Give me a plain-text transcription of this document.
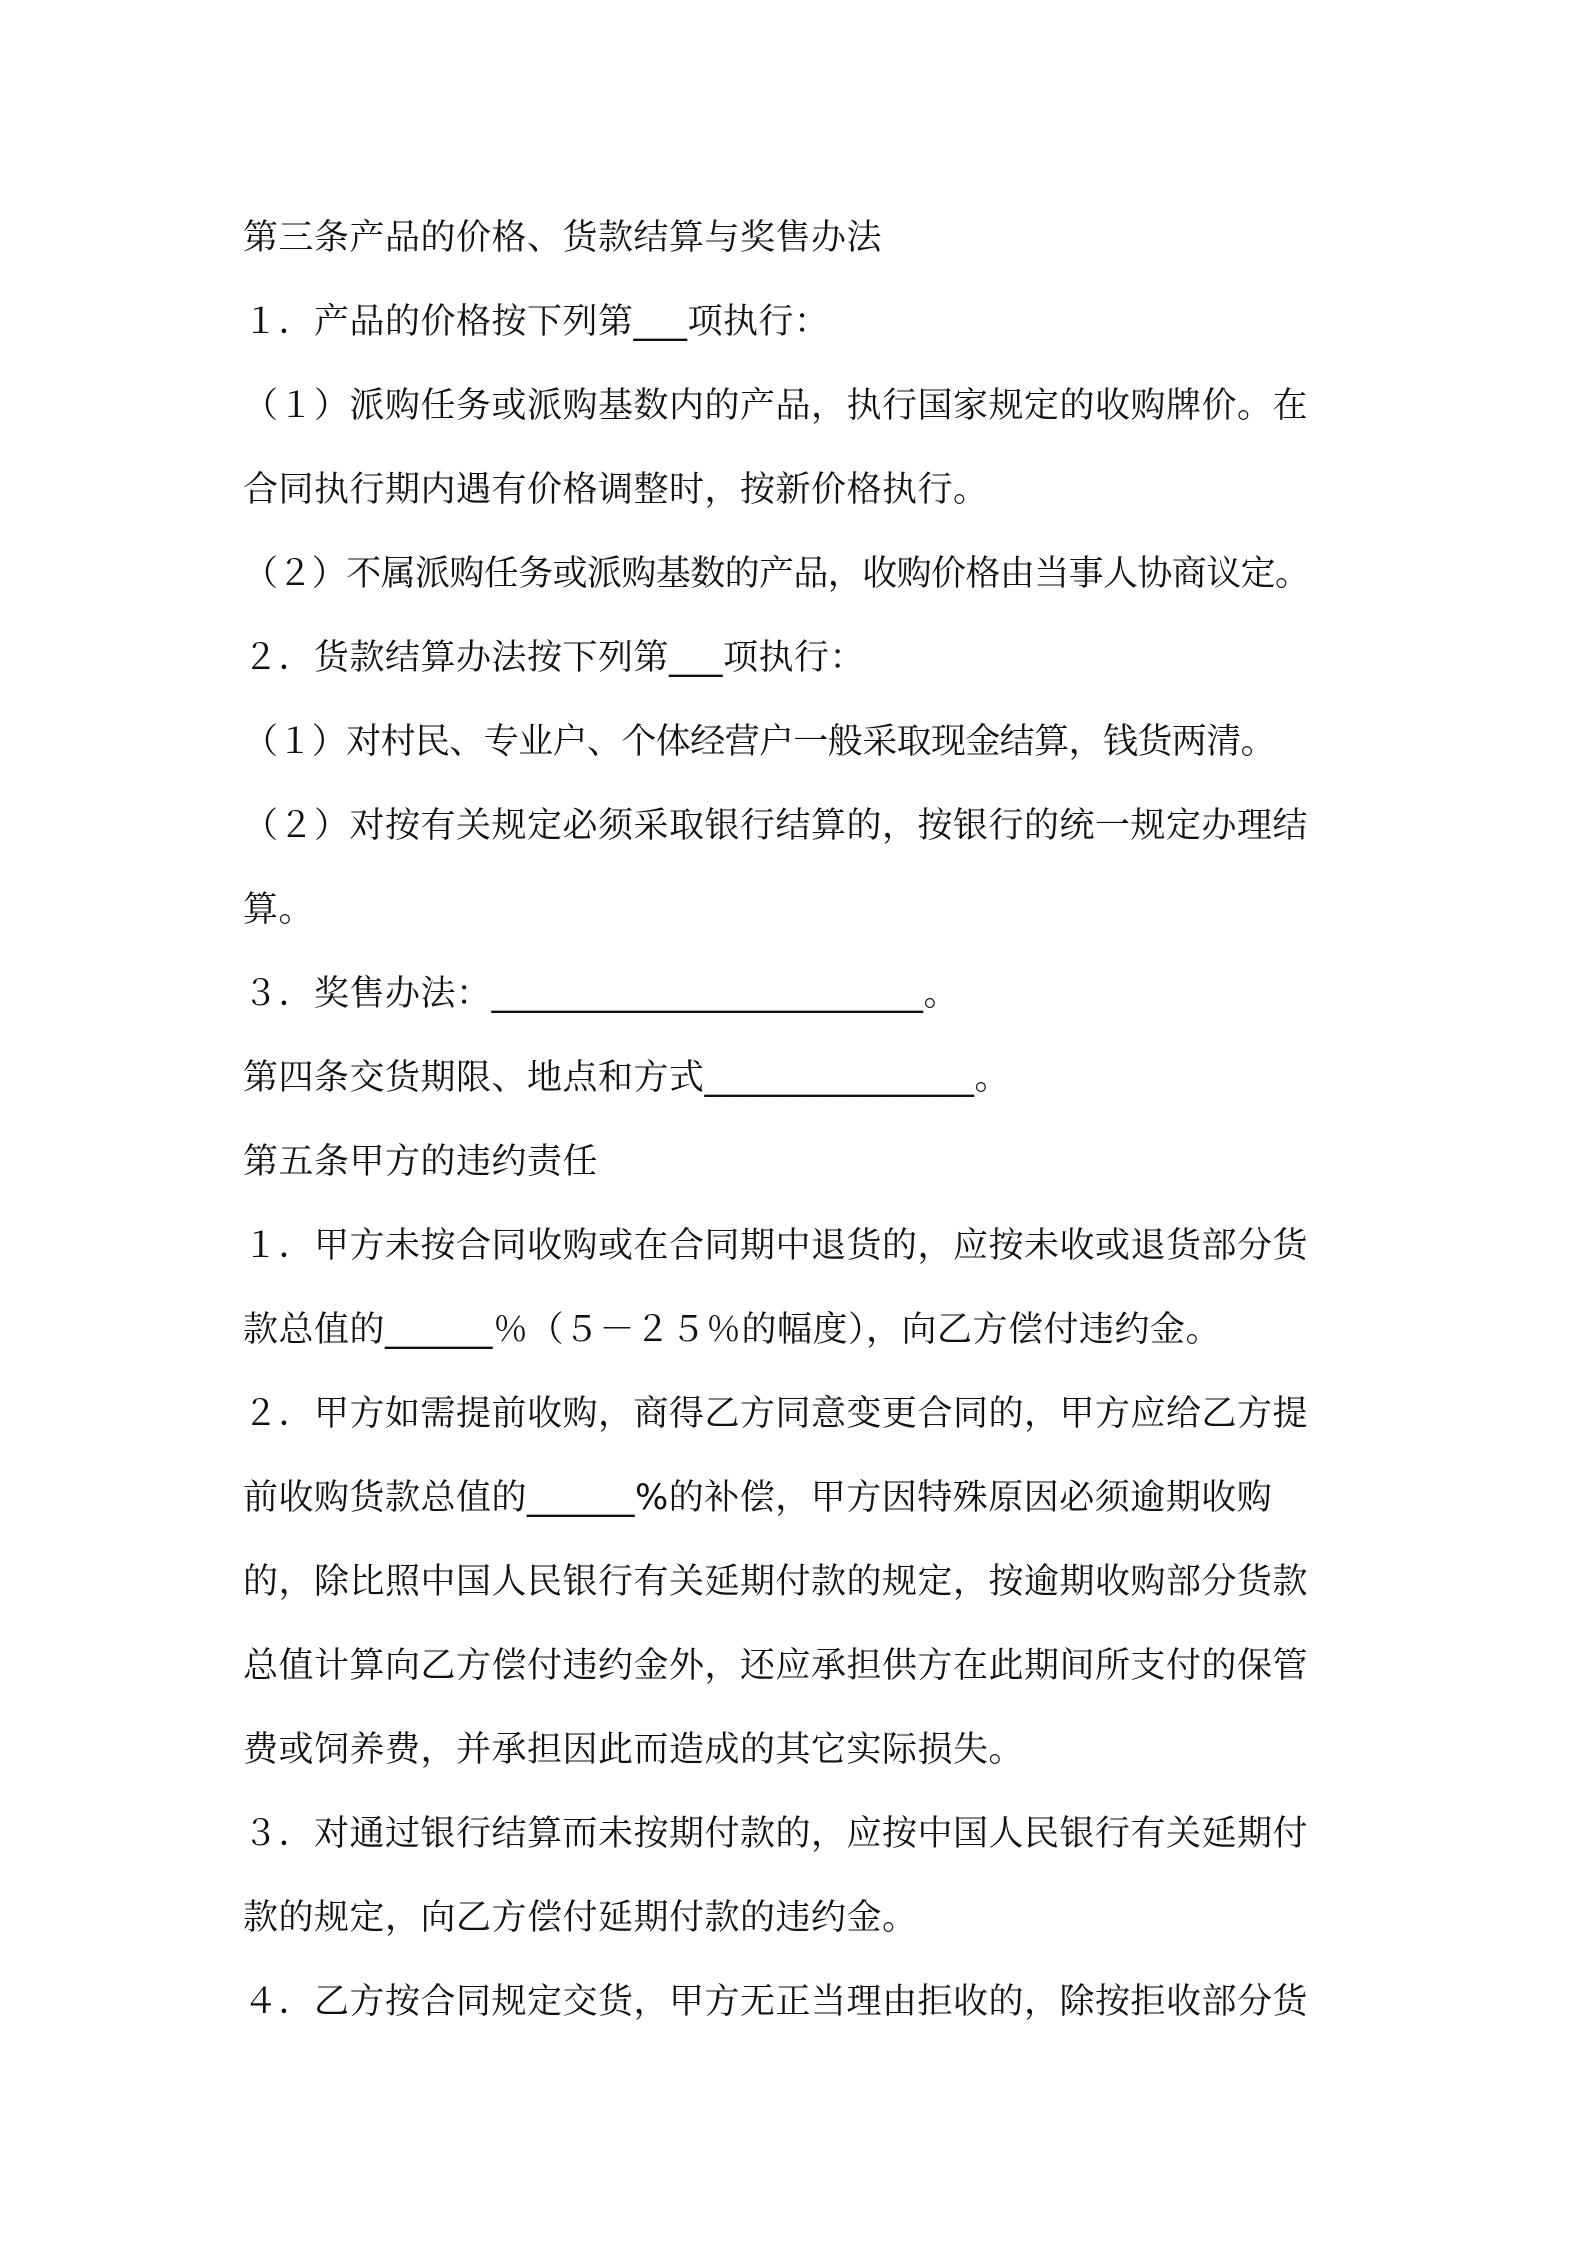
第三条产品的价格、货款结算与奖售办法
１．产品的价格按下列第___项执行：
（１）派购任务或派购基数内的产品，执行国家规定的收购牌价。在
合同执行期内遇有价格调整时，按新价格执行。
（２）不属派购任务或派购基数的产品，收购价格由当事人协商议定。
２．货款结算办法按下列第___项执行：
（１）对村民、专业户、个体经营户一般采取现金结算，钱货两清。
（２）对按有关规定必须采取银行结算的，按银行的统一规定办理结
算。
３．奖售办法：________________________。
第四条交货期限、地点和方式_______________。
第五条甲方的违约责任
１．甲方未按合同收购或在合同期中退货的，应按未收或退货部分货
款总值的______％（５－２５％的幅度），向乙方偿付违约金。
２．甲方如需提前收购，商得乙方同意变更合同的，甲方应给乙方提
前收购货款总值的______%的补偿，甲方因特殊原因必须逾期收购
的，除比照中国人民银行有关延期付款的规定，按逾期收购部分货款
总值计算向乙方偿付违约金外，还应承担供方在此期间所支付的保管
费或饲养费，并承担因此而造成的其它实际损失。
３．对通过银行结算而未按期付款的，应按中国人民银行有关延期付
款的规定，向乙方偿付延期付款的违约金。
４．乙方按合同规定交货，甲方无正当理由拒收的，除按拒收部分货
